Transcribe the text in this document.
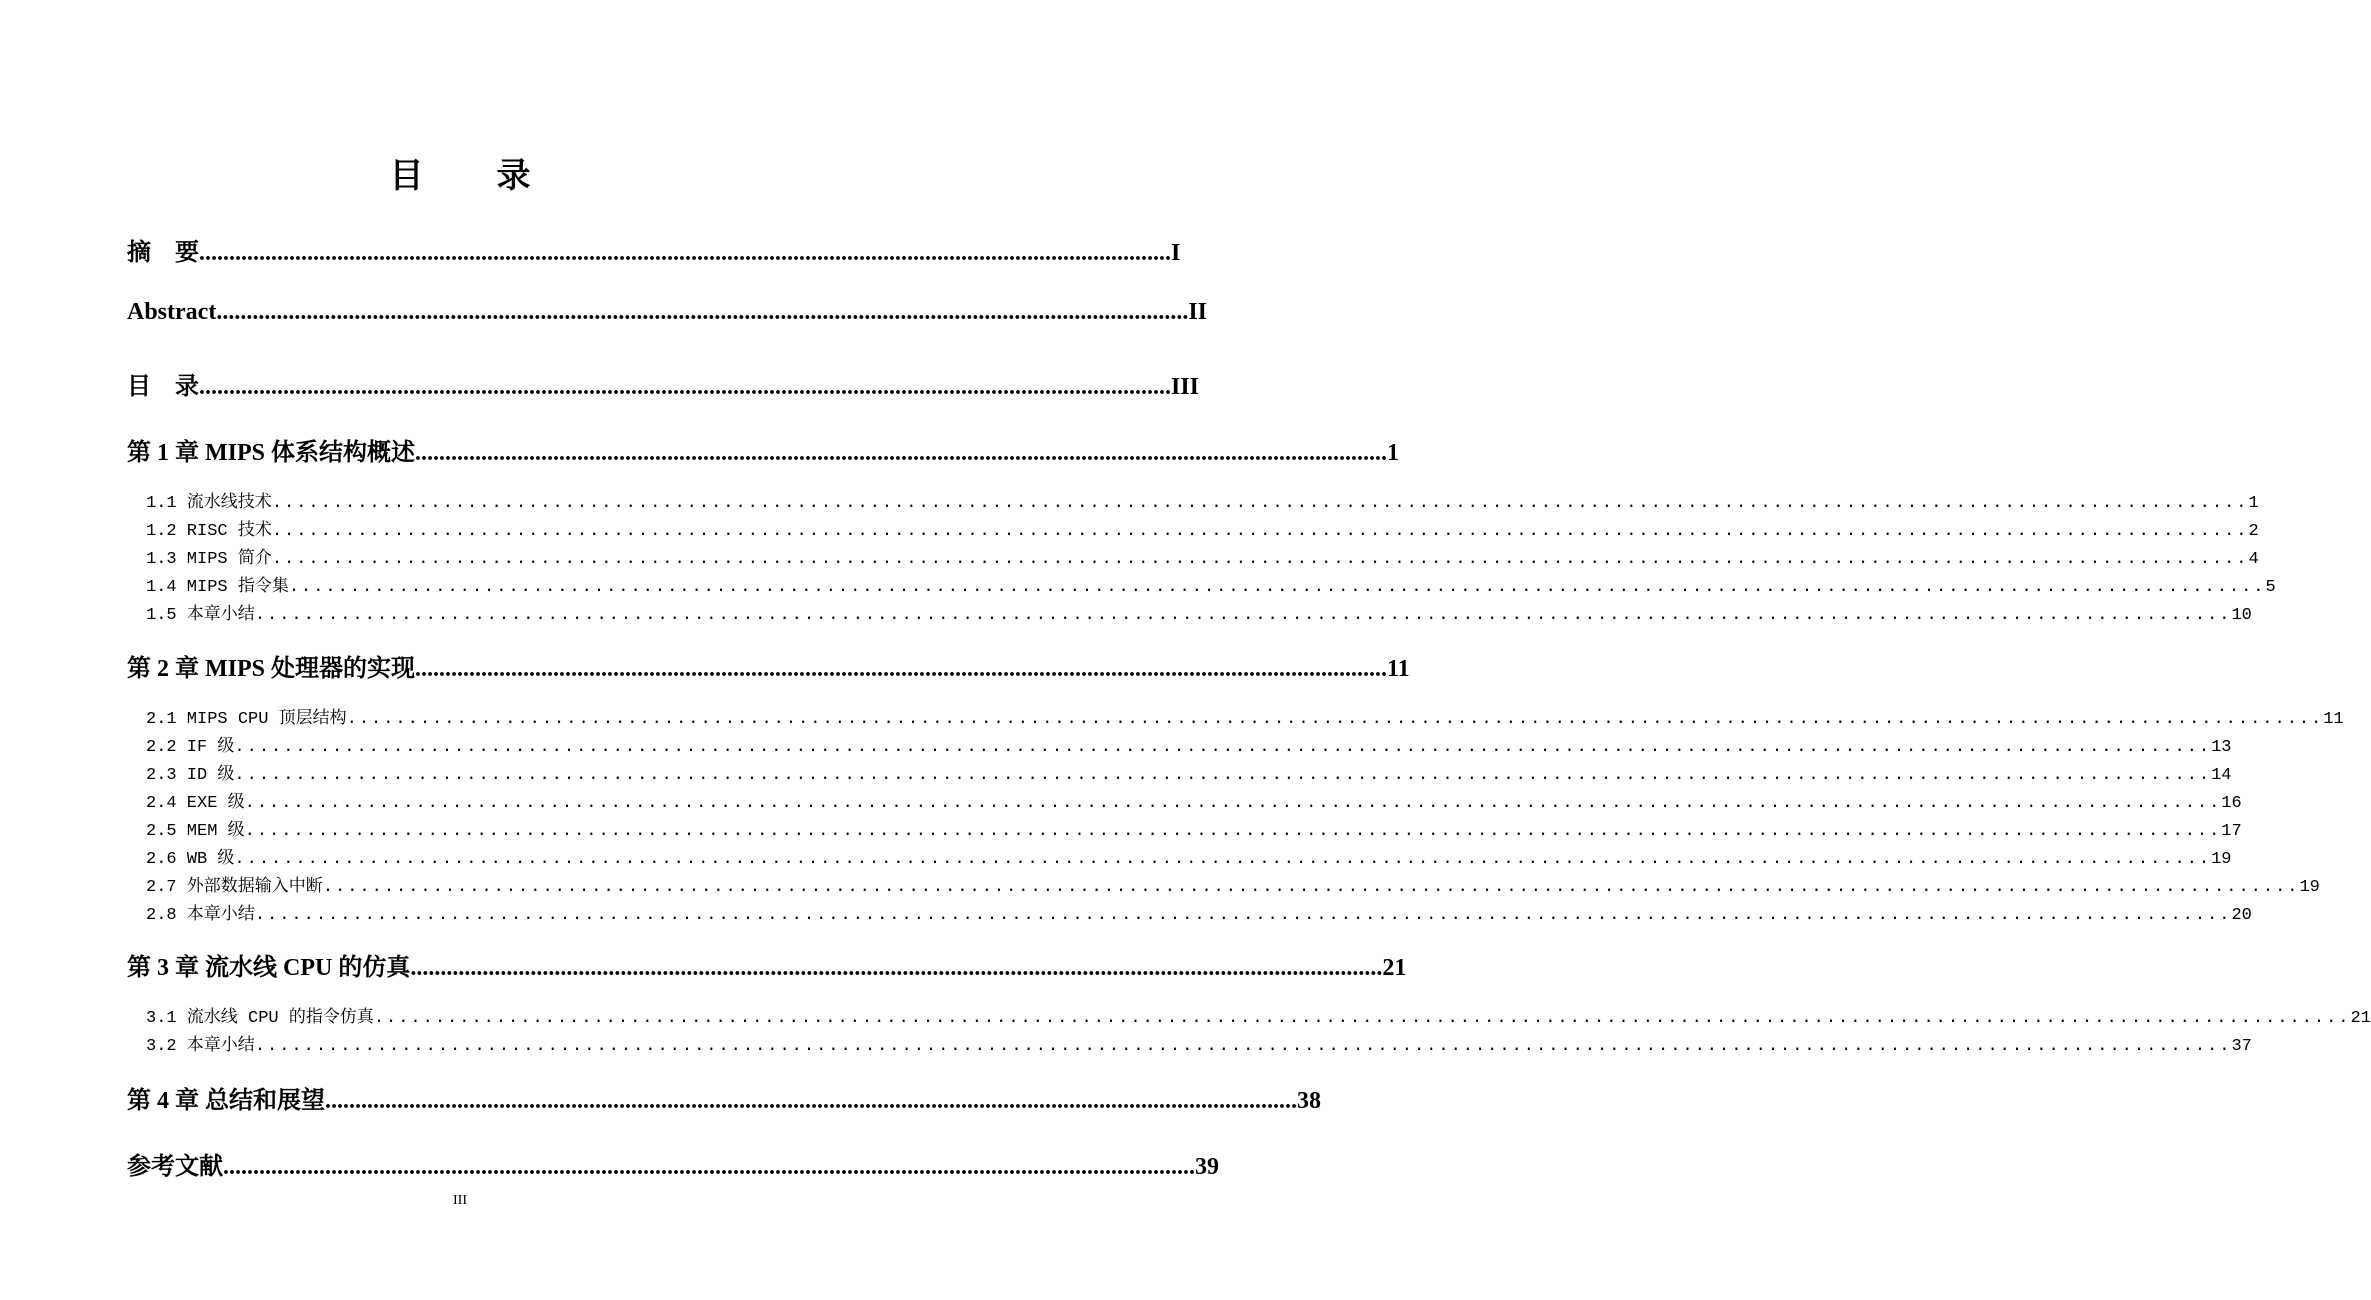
目 录
摘　要 .................................................................................................................................................................. I
Abstract .................................................................................................................................................................. II
目　录 .................................................................................................................................................................. III
第 1 章 MIPS 体系结构概述 .................................................................................................................................................................. 1
1.1 流水线技术 .................................................................................................................................................................. 1
1.2 RISC 技术 .................................................................................................................................................................. 2
1.3 MIPS 简介 .................................................................................................................................................................. 4
1.4 MIPS 指令集 .................................................................................................................................................................. 5
1.5 本章小结 .................................................................................................................................................................. 10
第 2 章 MIPS 处理器的实现 .................................................................................................................................................................. 11
2.1 MIPS CPU 顶层结构 .................................................................................................................................................................. 11
2.2 IF 级 .................................................................................................................................................................. 13
2.3 ID 级 .................................................................................................................................................................. 14
2.4 EXE 级 .................................................................................................................................................................. 16
2.5 MEM 级 .................................................................................................................................................................. 17
2.6 WB 级 .................................................................................................................................................................. 19
2.7 外部数据输入中断 .................................................................................................................................................................. 19
2.8 本章小结 .................................................................................................................................................................. 20
第 3 章 流水线 CPU 的仿真 .................................................................................................................................................................. 21
3.1 流水线 CPU 的指令仿真 .................................................................................................................................................................. 21
3.2 本章小结 .................................................................................................................................................................. 37
第 4 章 总结和展望 .................................................................................................................................................................. 38
参考文献 .................................................................................................................................................................. 39
III
